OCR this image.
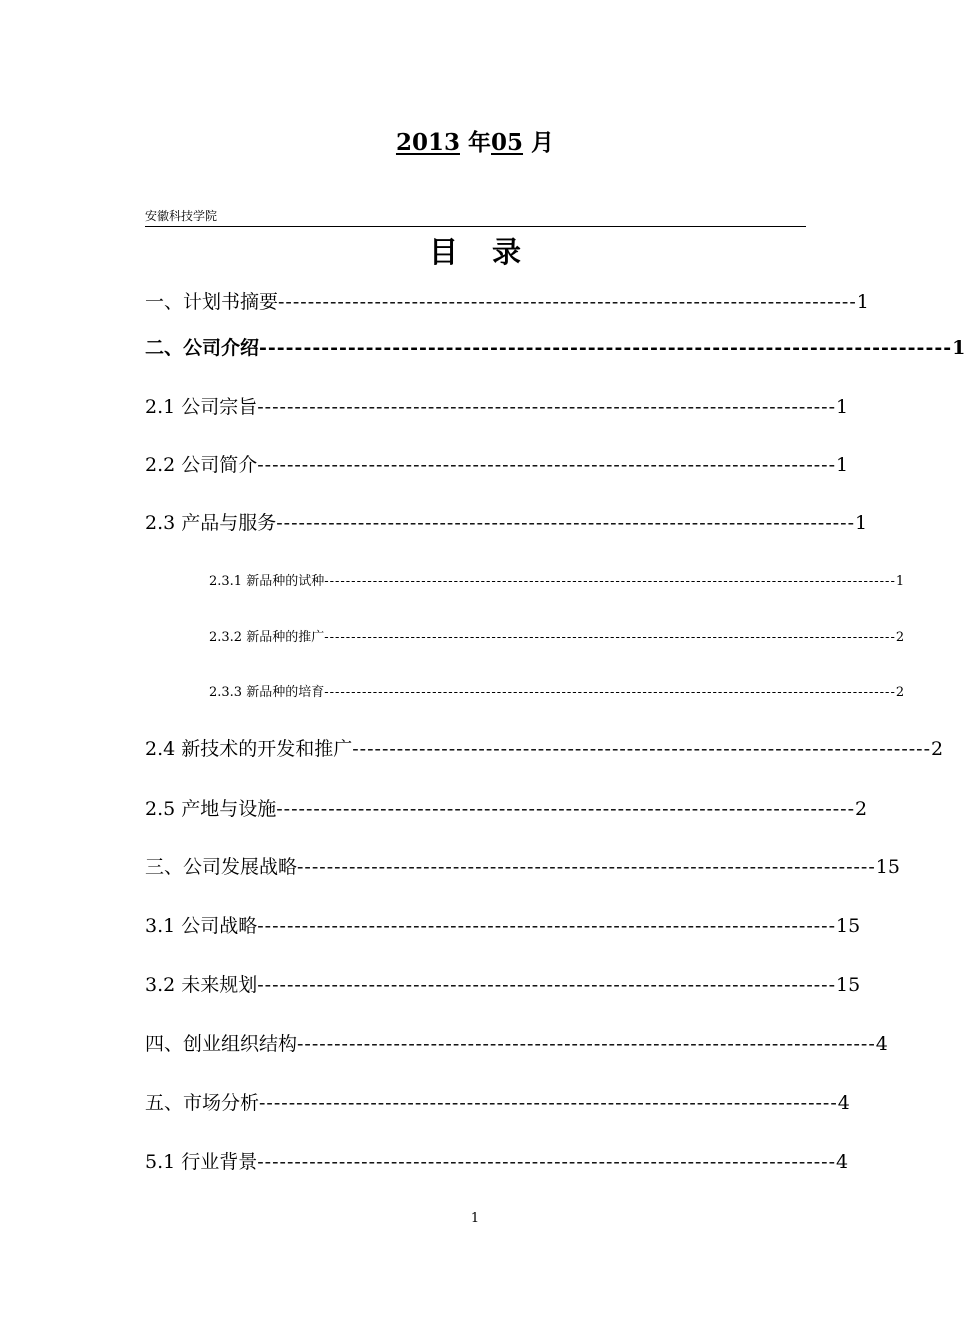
2013 年05 月
安徽科技学院
目录
一、计划书摘要 ------------------------------------------------------------------------------ 1
二、公司介绍 ------------------------------------------------------------------------------ 1
2.1 公司宗旨 ------------------------------------------------------------------------------ 1
2.2 公司简介 ------------------------------------------------------------------------------ 1
2.3 产品与服务 ------------------------------------------------------------------------------ 1
2.3.1 新品种的试种 ---------------------------------------------------------------------------------------------------------- 1
2.3.2 新品种的推广 ---------------------------------------------------------------------------------------------------------- 2
2.3.3 新品种的培育 ---------------------------------------------------------------------------------------------------------- 2
2.4 新技术的开发和推广 ------------------------------------------------------------------------------ 2
2.5 产地与设施 ------------------------------------------------------------------------------ 2
三、公司发展战略 ------------------------------------------------------------------------------ 15
3.1 公司战略 ------------------------------------------------------------------------------ 15
3.2 未来规划 ------------------------------------------------------------------------------ 15
四、创业组织结构 ------------------------------------------------------------------------------ 4
五、市场分析 ------------------------------------------------------------------------------ 4
5.1 行业背景 ------------------------------------------------------------------------------ 4
1
